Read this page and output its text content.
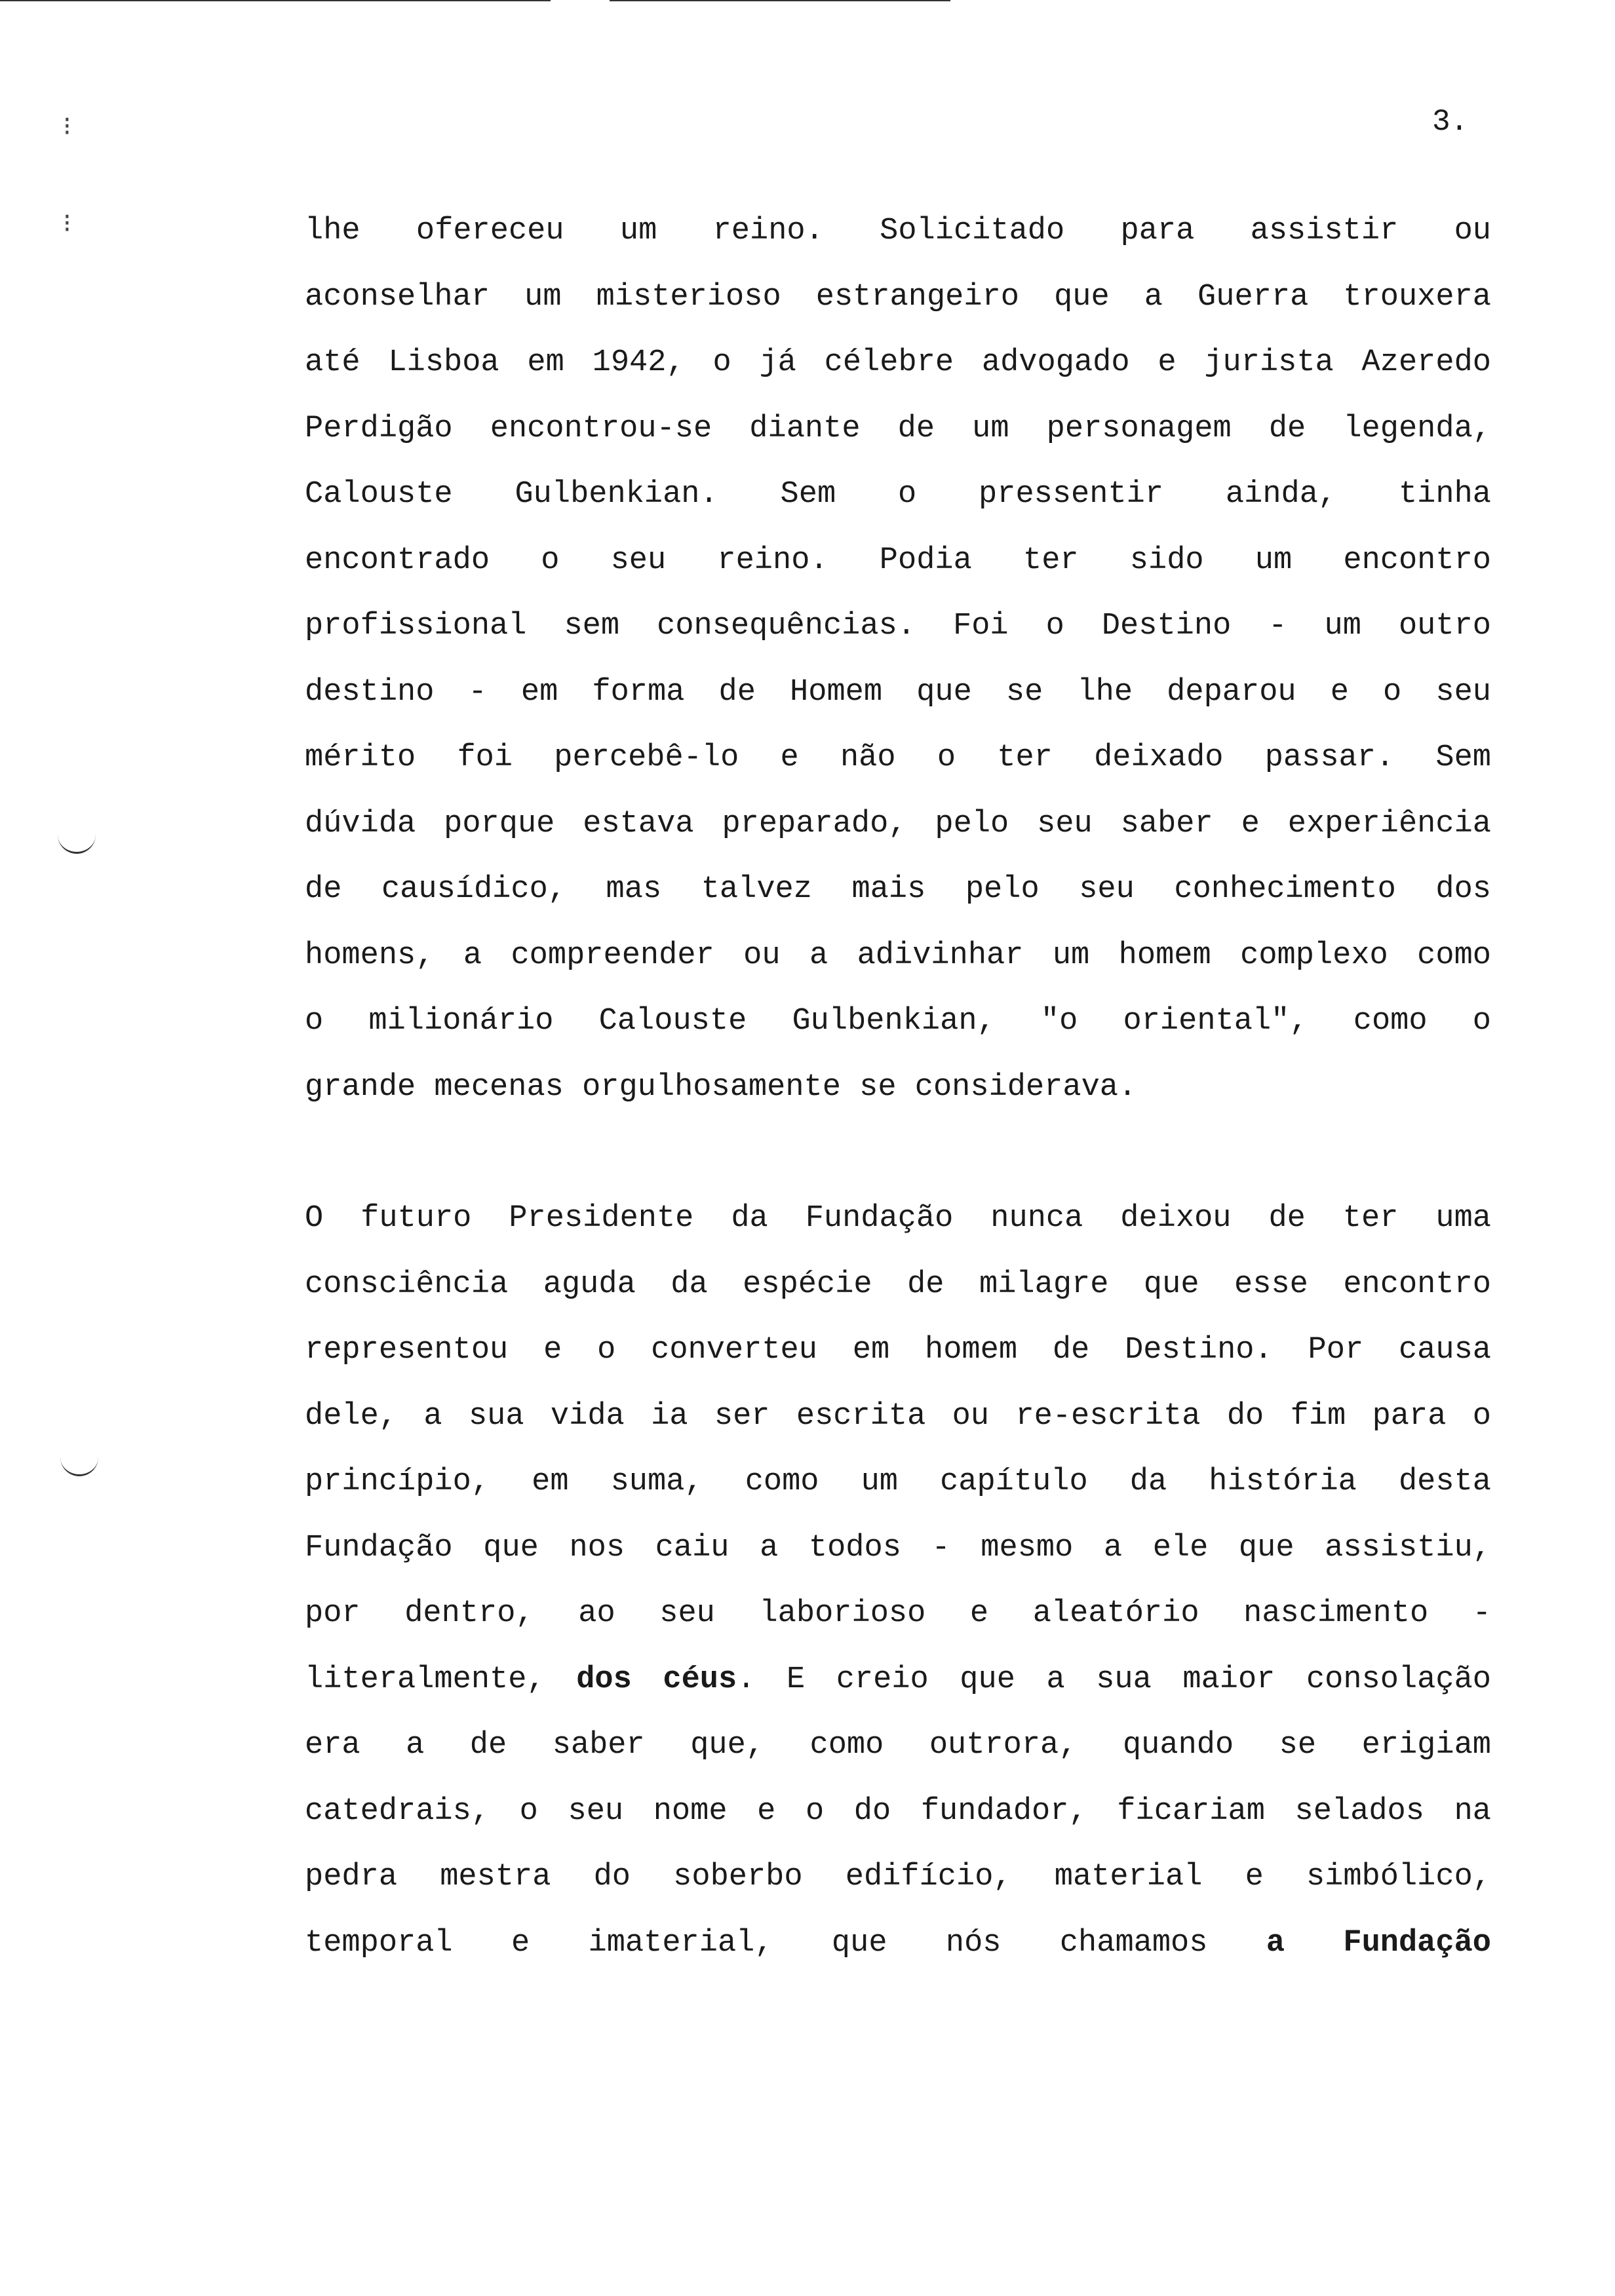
3.
⁝
⁝	lhe ofereceu um reino. Solicitado para assistir ou
aconselhar um misterioso estrangeiro que a Guerra trouxera
até Lisboa em 1942, o já célebre advogado e jurista Azeredo
Perdigão encontrou-se diante de um personagem de legenda,
Calouste Gulbenkian. Sem o pressentir ainda, tinha
encontrado o seu reino. Podia ter sido um encontro
profissional sem consequências. Foi o Destino - um outro
destino - em forma de Homem que se lhe deparou e o seu
mérito foi percebê-lo e não o ter deixado passar. Sem
dúvida porque estava preparado, pelo seu saber e experiência
de causídico, mas talvez mais pelo seu conhecimento dos
homens, a compreender ou a adivinhar um homem complexo como
o milionário Calouste Gulbenkian, "o oriental", como o
grande mecenas orgulhosamente se considerava.
O futuro Presidente da Fundação nunca deixou de ter uma
consciência aguda da espécie de milagre que esse encontro
representou e o converteu em homem de Destino. Por causa
dele, a sua vida ia ser escrita ou re-escrita do fim para o
princípio, em suma, como um capítulo da história desta
Fundação que nos caiu a todos - mesmo a ele que assistiu,
por dentro, ao seu laborioso e aleatório nascimento -
literalmente, dos céus. E creio que a sua maior consolação
era a de saber que, como outrora, quando se erigiam
catedrais, o seu nome e o do fundador, ficariam selados na
pedra mestra do soberbo edifício, material e simbólico,
temporal e imaterial, que nós chamamos a Fundação
